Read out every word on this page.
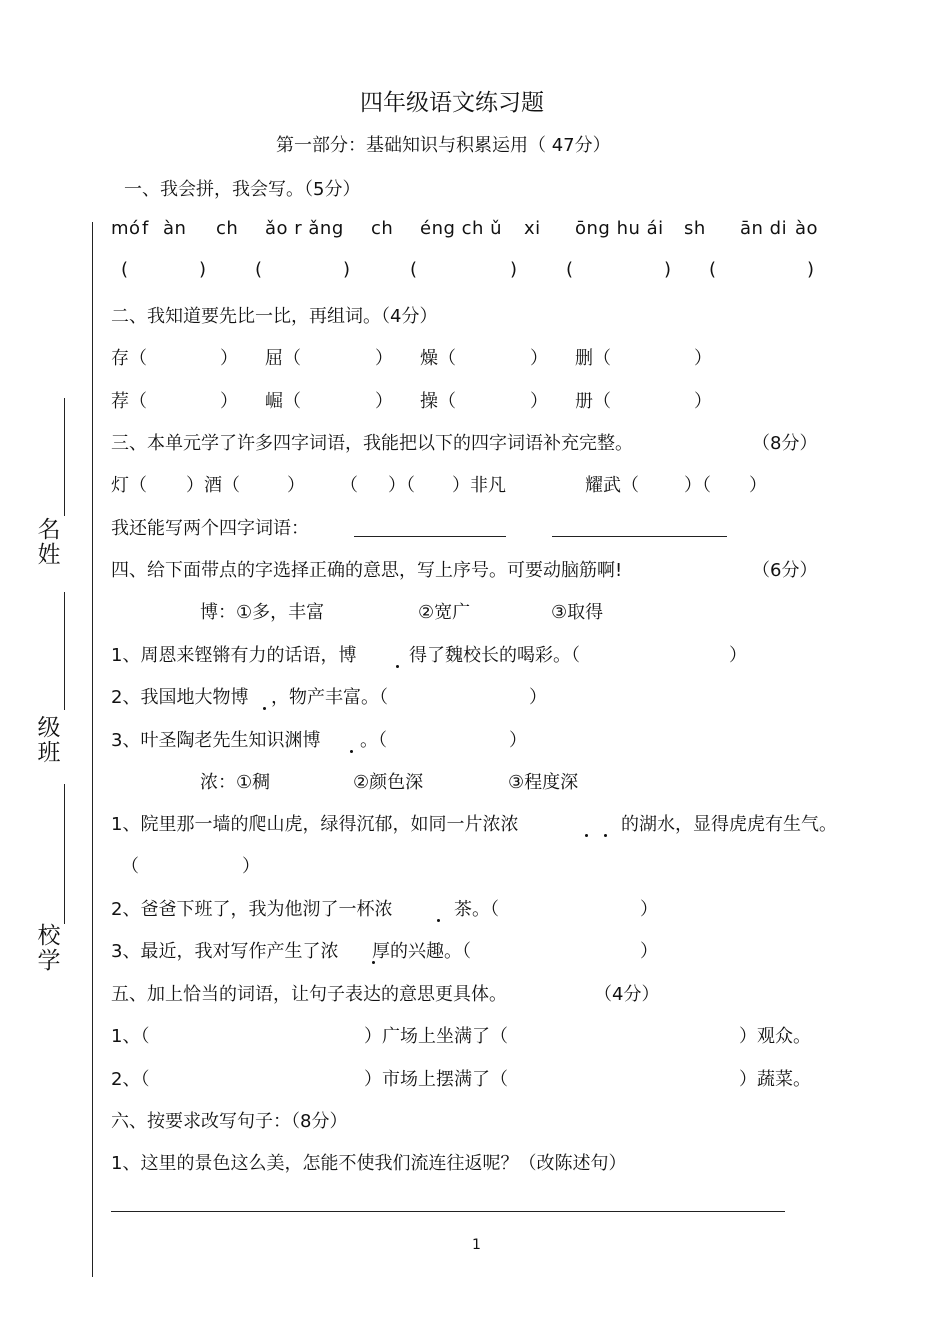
四年级语文练习题
第一部分：基础知识与积累运用（ 47分）
名
姓
级
班
校
学
一、我会拼，我会写。（5分）
mó f àn ch ǎo r ǎng ch éng ch ǔ xi ōng hu ái sh ān di ào
(	)	(	)	(	)	(	) (	)
二、我知道要先比一比，再组词。（4分）
存（	） 屈（	） 燥（	） 删（	）
荐（	） 崛（	） 操（	） 册（	）
三、本单元学了许多四字词语，我能把以下的四字词语补充完整。	（8分）
灯（ ）酒（	） （ ）（ ）非凡	耀武（	）（ ）
我还能写两个四字词语：
四、给下面带点的字选择正确的意思，写上序号。可要动脑筋啊!	（6分）
博：①多，丰富	②宽广	③取得
1、周恩来铿锵有力的话语，博	得了魏校长的喝彩。（	）
2、我国地大物博 ，物产丰富。（	）
3、叶圣陶老先生知识渊博 。（	）
浓：①稠	②颜色深	③程度深
1、院里那一墙的爬山虎，绿得沉郁，如同一片浓浓	的湖水，显得虎虎有生气。
（	）
2、爸爸下班了，我为他沏了一杯浓	茶。（	）
3、最近，我对写作产生了浓 厚的兴趣。（	）
五、加上恰当的词语，让句子表达的意思更具体。	（4分）
1、（	）广场上坐满了（	）观众。
2、（	）市场上摆满了（	）蔬菜。
六、按要求改写句子：（8分）
1、这里的景色这么美，怎能不使我们流连往返呢？（改陈述句）
1
